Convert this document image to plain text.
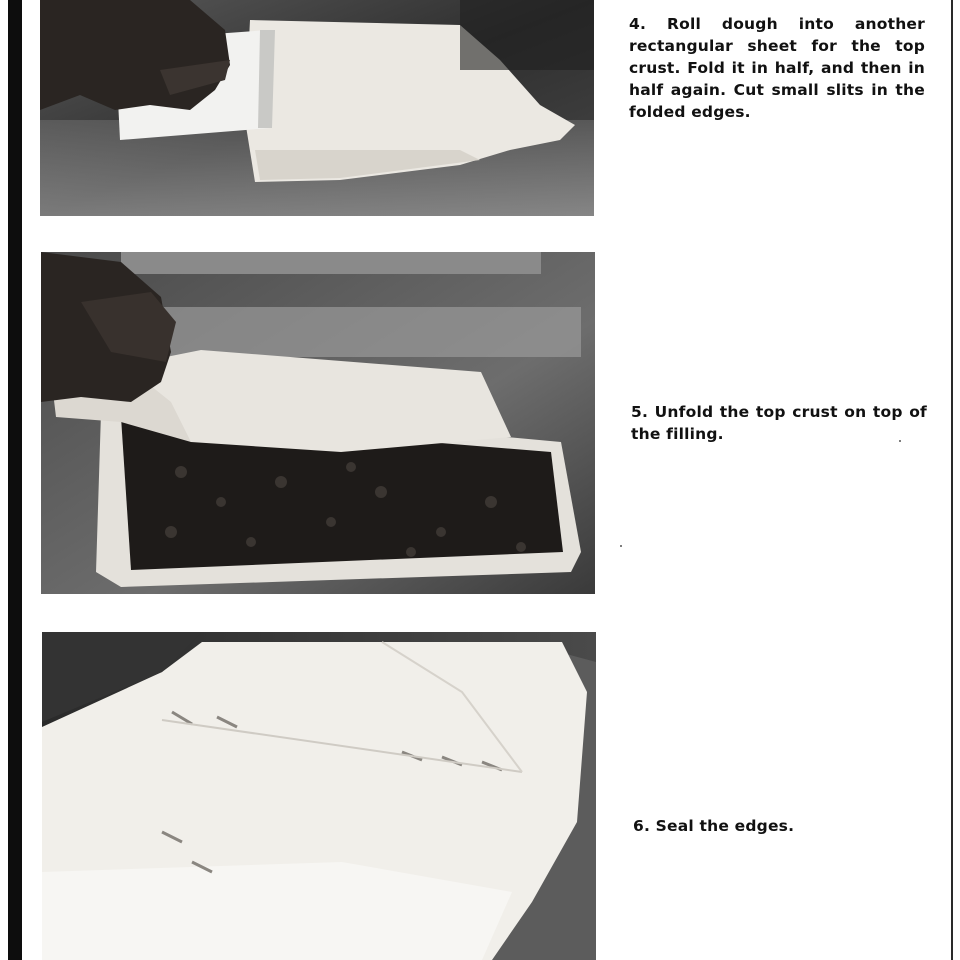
4. Roll dough into another rectangular sheet for the top crust. Fold it in half, and then in half again. Cut small slits in the folded edges.

5. Unfold the top crust on top of the filling.

6. Seal the edges.
